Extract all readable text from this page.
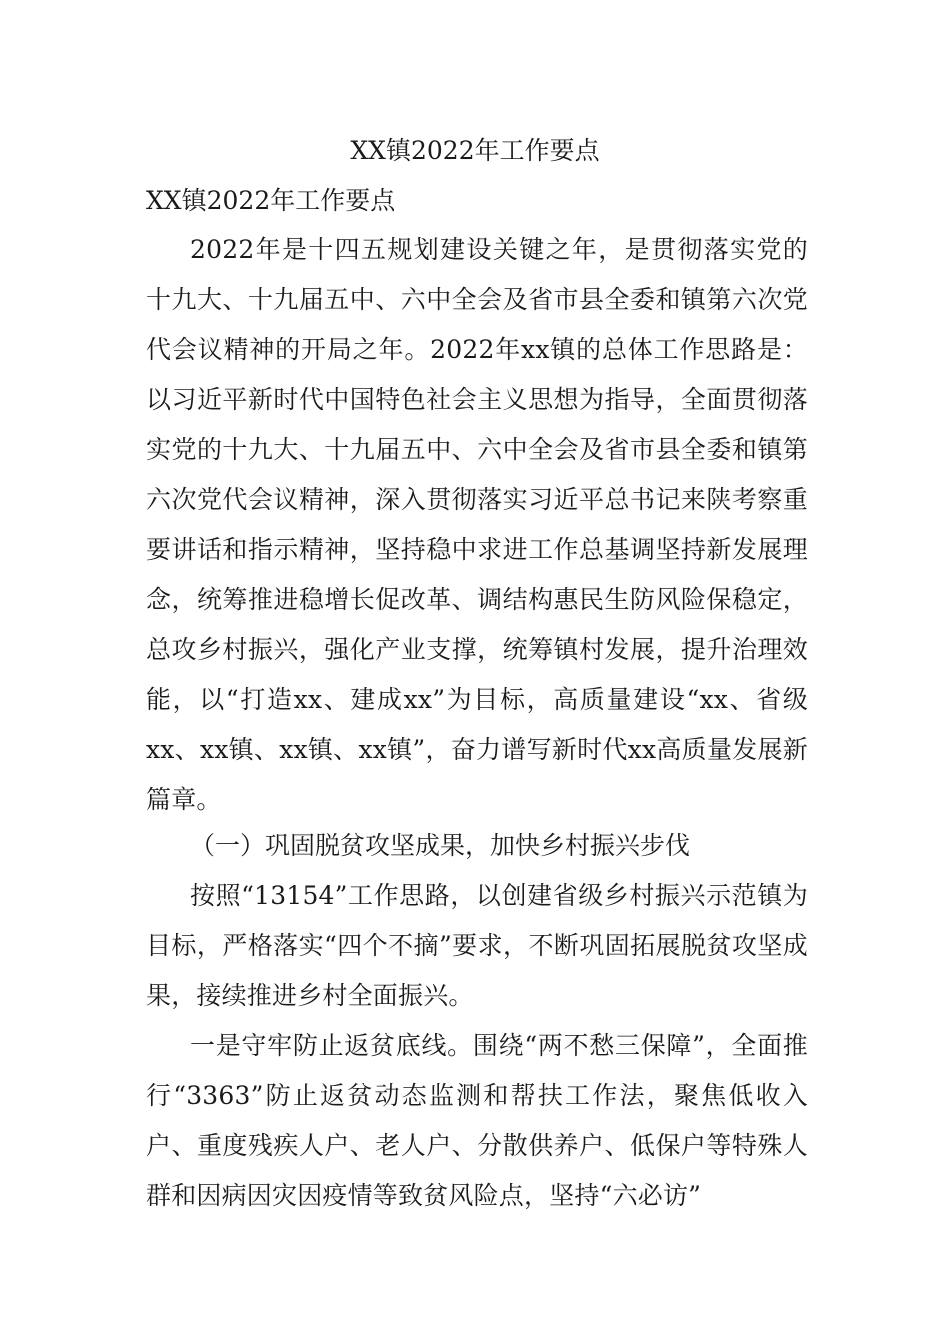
XX镇2022年工作要点

XX镇2022年工作要点

2022年是十四五规划建设关键之年，是贯彻落实党的十九大、十九届五中、六中全会及省市县全委和镇第六次党代会议精神的开局之年。2022年xx镇的总体工作思路是：以习近平新时代中国特色社会主义思想为指导，全面贯彻落实党的十九大、十九届五中、六中全会及省市县全委和镇第六次党代会议精神，深入贯彻落实习近平总书记来陕考察重要讲话和指示精神，坚持稳中求进工作总基调坚持新发展理念，统筹推进稳增长促改革、调结构惠民生防风险保稳定，总攻乡村振兴，强化产业支撑，统筹镇村发展，提升治理效能，以“打造xx、建成xx”为目标，高质量建设“xx、省级xx、xx镇、xx镇、xx镇”，奋力谱写新时代xx高质量发展新篇章。

（一）巩固脱贫攻坚成果，加快乡村振兴步伐

按照“13154”工作思路，以创建省级乡村振兴示范镇为目标，严格落实“四个不摘”要求，不断巩固拓展脱贫攻坚成果，接续推进乡村全面振兴。

一是守牢防止返贫底线。围绕“两不愁三保障”，全面推行“3363”防止返贫动态监测和帮扶工作法，聚焦低收入户、重度残疾人户、老人户、分散供养户、低保户等特殊人群和因病因灾因疫情等致贫风险点，坚持“六必访”
